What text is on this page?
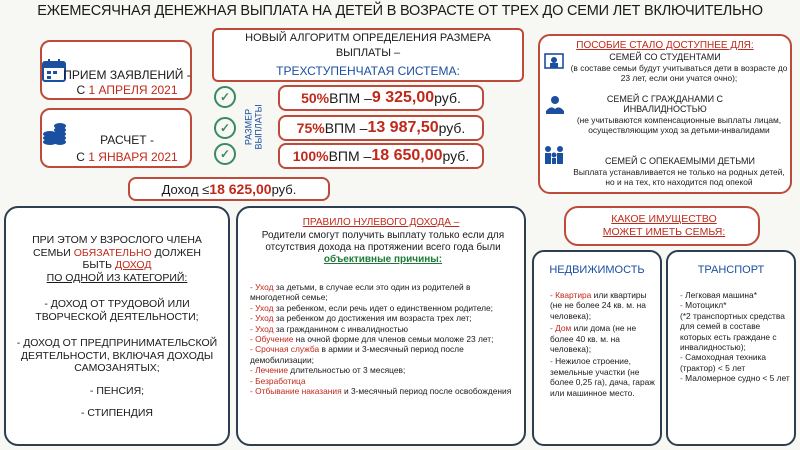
ЕЖЕМЕСЯЧНАЯ ДЕНЕЖНАЯ ВЫПЛАТА НА ДЕТЕЙ В ВОЗРАСТЕ ОТ ТРЕХ ДО СЕМИ ЛЕТ ВКЛЮЧИТЕЛЬНО
ПРИЕМ ЗАЯВЛЕНИЙ -
С 1 АПРЕЛЯ 2021
РАСЧЕТ -
С 1 ЯНВАРЯ 2021
НОВЫЙ АЛГОРИТМ ОПРЕДЕЛЕНИЯ РАЗМЕРА
ВЫПЛАТЫ –
ТРЕХСТУПЕНЧАТАЯ СИСТЕМА:
✓
✓
✓
РАЗМЕР ВЫПЛАТЫ
50% ВПМ – 9 325,00 руб.
75% ВПМ – 13 987,50 руб.
100% ВПМ – 18 650,00 руб.
Доход ≤ 18 625,00 руб.
ПОСОБИЕ СТАЛО ДОСТУПНЕЕ ДЛЯ:
СЕМЕЙ СО СТУДЕНТАМИ
(в составе семьи будут учитываться дети в возрасте до 23 лет, если они учатся очно);
СЕМЕЙ С ГРАЖДАНАМИ С ИНВАЛИДНОСТЬЮ
(не учитываются компенсационные выплаты лицам, осуществляющим уход за детьми-инвалидами
СЕМЕЙ С ОПЕКАЕМЫМИ ДЕТЬМИ
Выплата устанавливается не только на родных детей, но и на тех, кто находится под опекой
ПРИ ЭТОМ У ВЗРОСЛОГО ЧЛЕНА
СЕМЬИ ОБЯЗАТЕЛЬНО ДОЛЖЕН
БЫТЬ ДОХОД
ПО ОДНОЙ ИЗ КАТЕГОРИЙ:
- ДОХОД ОТ ТРУДОВОЙ ИЛИ ТВОРЧЕСКОЙ ДЕЯТЕЛЬНОСТИ;
- ДОХОД ОТ ПРЕДПРИНИМАТЕЛЬСКОЙ ДЕЯТЕЛЬНОСТИ, ВКЛЮЧАЯ ДОХОДЫ САМОЗАНЯТЫХ;
- ПЕНСИЯ;
- СТИПЕНДИЯ
ПРАВИЛО НУЛЕВОГО ДОХОДА –
Родители смогут получить выплату только если для отсутствия дохода на протяжении всего года были объективные причины:
- Уход за детьми, в случае если это один из родителей в многодетной семье;
- Уход за ребенком, если речь идет о единственном родителе;
- Уход за ребенком до достижения им возраста трех лет;
- Уход за гражданином с инвалидностью
- Обучение на очной форме для членов семьи моложе 23 лет;
- Срочная служба в армии и 3-месячный период после демобилизации;
- Лечение длительностью от 3 месяцев;
- Безработица
- Отбывание наказания и 3-месячный период после освобождения
КАКОЕ ИМУЩЕСТВО МОЖЕТ ИМЕТЬ СЕМЬЯ:
НЕДВИЖИМОСТЬ
- Квартира или квартиры (не не более 24 кв. м. на человека);
- Дом или дома (не не более 40 кв. м. на человека);
- Нежилое строение, земельные участки (не более 0,25 га), дача, гараж или машинное место.
ТРАНСПОРТ
- Легковая машина*
- Мотоцикл*
(*2 транспортных средства для семей в составе которых есть граждане с инвалидностью);
- Самоходная техника (трактор) < 5 лет
- Маломерное судно < 5 лет
